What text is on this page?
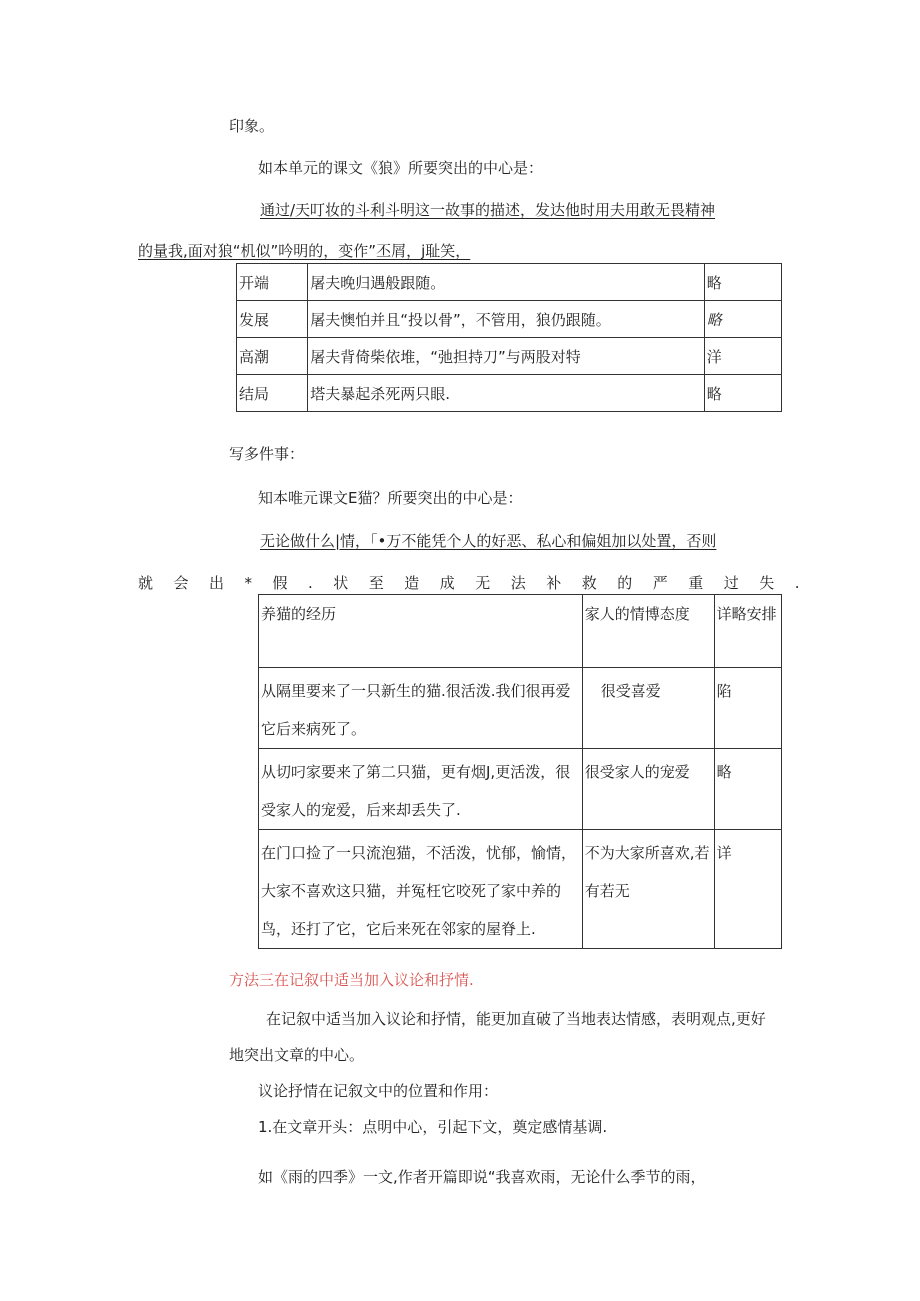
印象。
如本单元的课文《狼》所要突出的中心是：
通过/天叮妆的斗利斗明这一故事的描述，发达他时用夫用敢无畏精神
的量我,面对狼“机似”吟明的，变作”丕屑，j耻笑，
开端	屠夫晚归遇般跟随。	略
发展	屠夫懊怕并且“投以骨”，不管用，狼仍跟随。	略
高潮	屠夫背倚柴依堆，“弛担持刀”与两股对特	洋
结局	塔夫暴起杀死两只眼.	略
写多件事：
知本唯元课文E猫？所要突出的中心是：
无论做什么|情，「•万不能凭个人的好恶、私心和偏姐加以处置，否则
就会出*假.状至造成无法补救的严重过失.
养猫的经历	家人的情博态度	详略安排
从隔里要来了一只新生的猫.很活泼.我们很再爱它后来病死了。	很受喜爱	陷
从切叼家要来了第二只猫，更有烟J,更活泼，很受家人的宠爱，后来却丢失了.	很受家人的宠爱	略
在门口捡了一只流泡猫，不活泼，忧郁，愉情，大家不喜欢这只猫，并冤枉它咬死了家中养的鸟，还打了它，它后来死在邻家的屋脊上.	不为大家所喜欢,若有若无	详
方法三在记叙中适当加入议论和抒情.
在记叙中适当加入议论和抒情，能更加直破了当地表达情感，表明观点,更好
地突出文章的中心。
议论抒情在记叙文中的位置和作用：
1.在文章开头：点明中心，引起下文，奠定感情基调.
如《雨的四季》一文,作者开篇即说“我喜欢雨，无论什么季节的雨，
